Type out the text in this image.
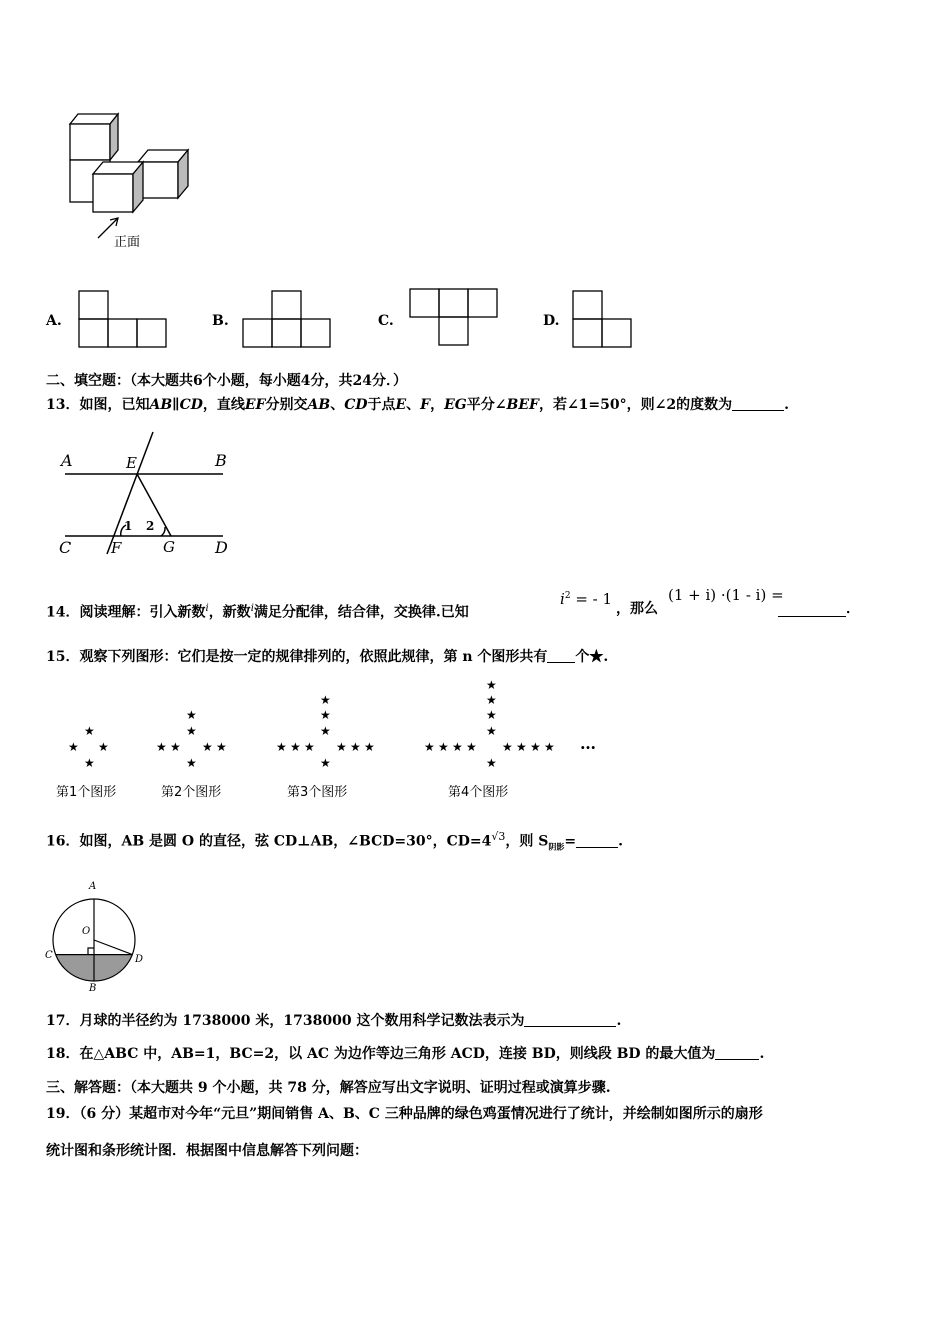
正面
A.	B.	C.	D.
二、填空题：（本大题共6个小题，每小题4分，共24分．）
13．如图，已知AB∥CD，直线EF分别交AB、CD于点E、F，EG平分∠BEF，若∠1=50°，则∠2的度数为	.
A	E	B
C	F	G	D
1 2
14．阅读理解：引入新数$^i$，新数$^i$满足分配律，结合律，交换律.已知
$i^2$ = - 1
，那么
(1 + i) ·(1 - i) =
．
15．观察下列图形：它们是按一定的规律排列的，依照此规律，第 n 个图形共有 个★.
★
★ ★
★
★
★
★ ★ ★ ★
★
★
★
★
★ ★ ★ ★ ★ ★
★
★
★
★
★
★ ★ ★ ★ ★ ★ ★ ★
★
…
第1个图形	第2个图形	第3个图形	第4个图形
16．如图，AB 是圆 O 的直径，弦 CD⊥AB，∠BCD=30°，$CD=4^{√3}$，则 $S_{阴影}=$	.
A
O
C	D
B
17．月球的半径约为 1738000 米，1738000 这个数用科学记数法表示为	.
18．在△ABC 中，AB=1，BC=2，以 AC 为边作等边三角形 ACD，连接 BD，则线段 BD 的最大值为	.
三、解答题：（本大题共 9 个小题，共 78 分，解答应写出文字说明、证明过程或演算步骤.
19．（6 分）某超市对今年“元旦”期间销售 A、B、C 三种品牌的绿色鸡蛋情况进行了统计，并绘制如图所示的扇形
统计图和条形统计图．根据图中信息解答下列问题：
